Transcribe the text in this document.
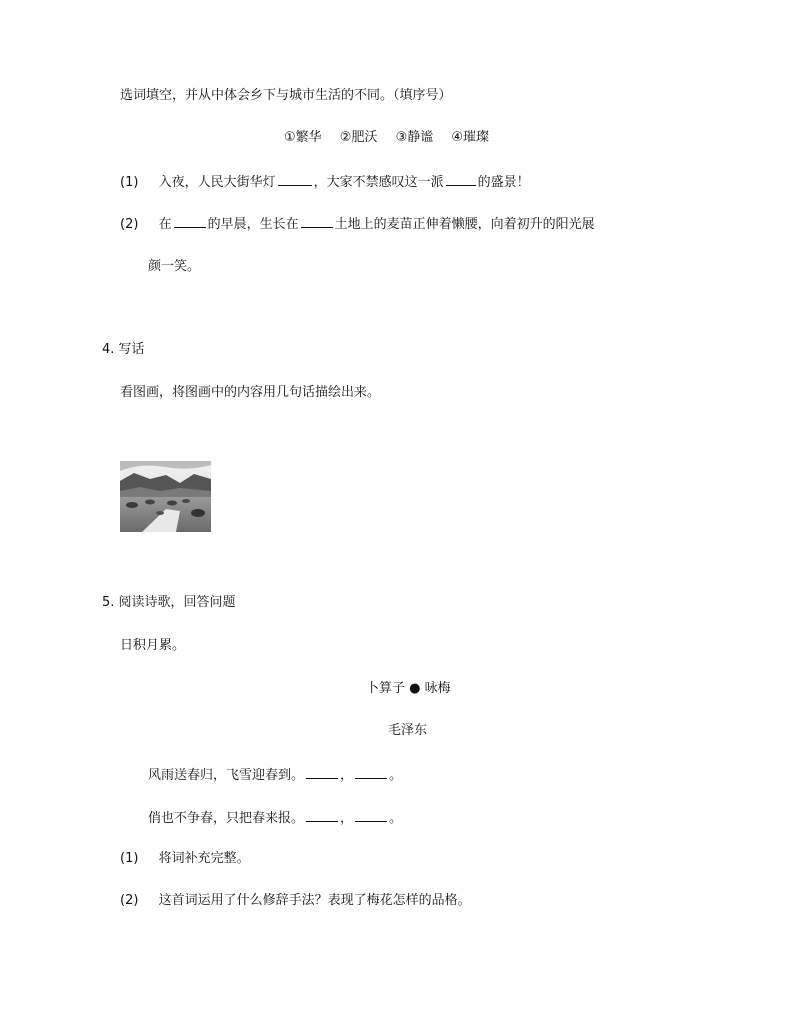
选词填空，并从中体会乡下与城市生活的不同。（填序号）
①繁华 ②肥沃 ③静谧 ④璀璨
(1) 入夜，人民大街华灯	，大家不禁感叹这一派	的盛景！
(2) 在	的早晨，生长在	土地上的麦苗正伸着懒腰，向着初升的阳光展
颜一笑。
4. 写话
看图画，将图画中的内容用几句话描绘出来。
5. 阅读诗歌，回答问题
日积月累。
卜算子 ● 咏梅
毛泽东
风雨送春归，飞雪迎春到。	，	。
俏也不争春，只把春来报。	，	。
(1) 将词补充完整。
(2) 这首词运用了什么修辞手法？表现了梅花怎样的品格。
